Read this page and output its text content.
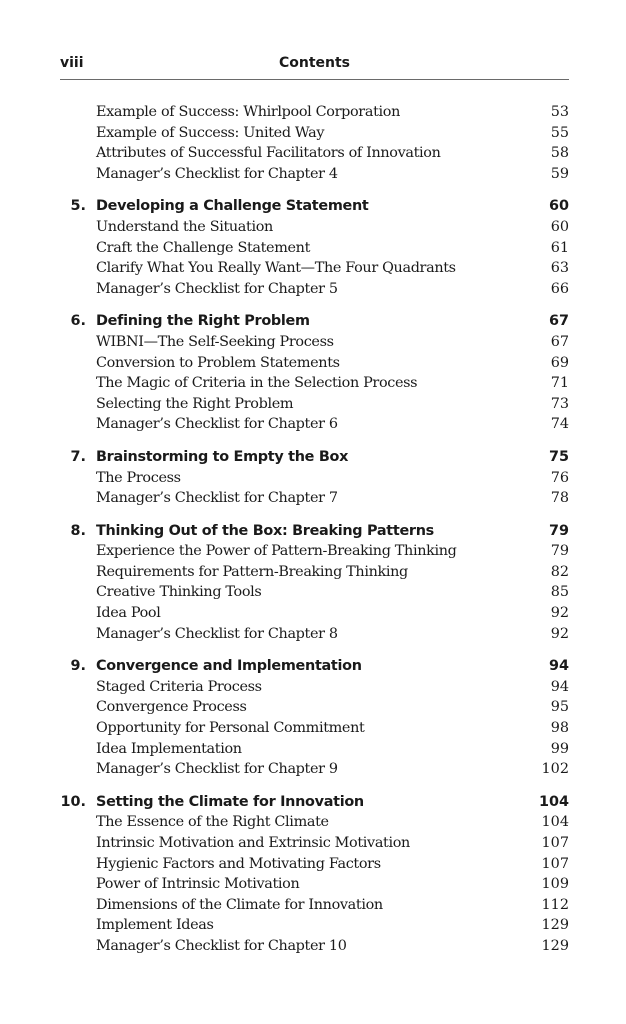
viii	Contents
Example of Success: Whirlpool Corporation	53
Example of Success: United Way	55
Attributes of Successful Facilitators of Innovation	58
Manager’s Checklist for Chapter 4	59
5. Developing a Challenge Statement	60
Understand the Situation	60
Craft the Challenge Statement	61
Clarify What You Really Want—The Four Quadrants	63
Manager’s Checklist for Chapter 5	66
6. Defining the Right Problem	67
WIBNI—The Self-Seeking Process	67
Conversion to Problem Statements	69
The Magic of Criteria in the Selection Process	71
Selecting the Right Problem	73
Manager’s Checklist for Chapter 6	74
7. Brainstorming to Empty the Box	75
The Process	76
Manager’s Checklist for Chapter 7	78
8. Thinking Out of the Box: Breaking Patterns	79
Experience the Power of Pattern-Breaking Thinking	79
Requirements for Pattern-Breaking Thinking	82
Creative Thinking Tools	85
Idea Pool	92
Manager’s Checklist for Chapter 8	92
9. Convergence and Implementation	94
Staged Criteria Process	94
Convergence Process	95
Opportunity for Personal Commitment	98
Idea Implementation	99
Manager’s Checklist for Chapter 9	102
10. Setting the Climate for Innovation	104
The Essence of the Right Climate	104
Intrinsic Motivation and Extrinsic Motivation	107
Hygienic Factors and Motivating Factors	107
Power of Intrinsic Motivation	109
Dimensions of the Climate for Innovation	112
Implement Ideas	129
Manager’s Checklist for Chapter 10	129
